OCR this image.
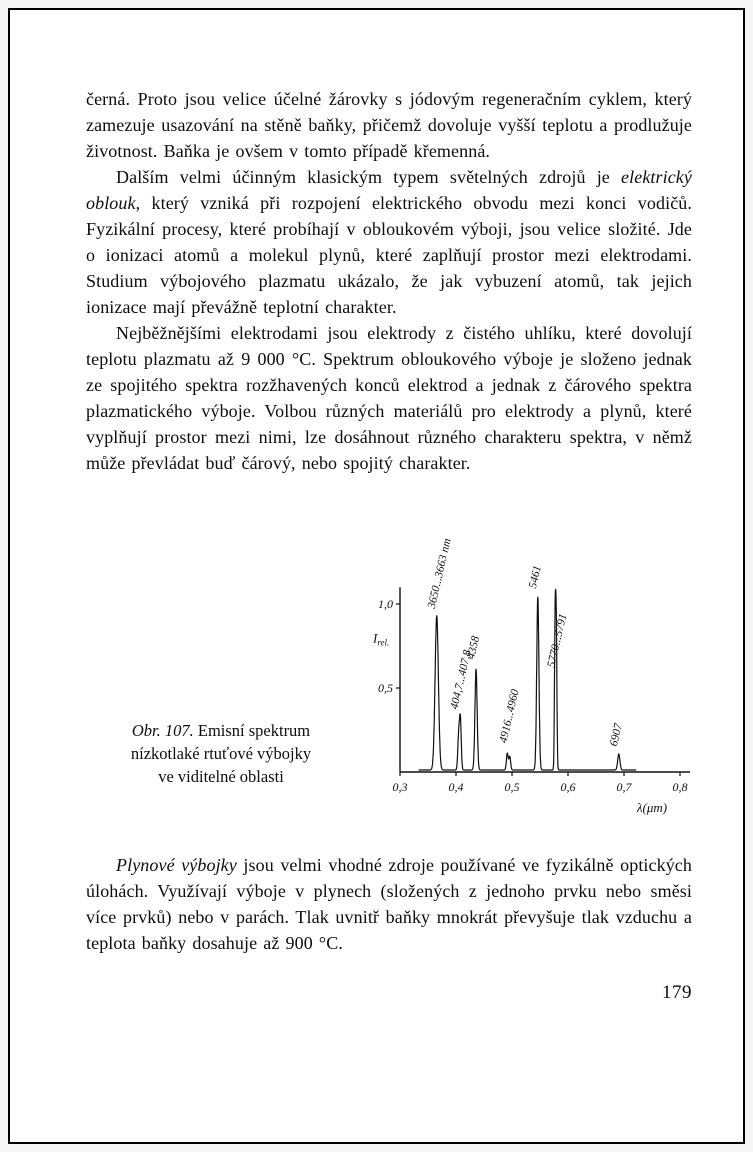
černá. Proto jsou velice účelné žárovky s jódovým regeneračním cyklem, který zamezuje usazování na stěně baňky, přičemž dovoluje vyšší teplotu a prodlužuje životnost. Baňka je ovšem v tomto případě křemenná.

Dalším velmi účinným klasickým typem světelných zdrojů je elektrický oblouk, který vzniká při rozpojení elektrického obvodu mezi konci vodičů. Fyzikální procesy, které probíhají v obloukovém výboji, jsou velice složité. Jde o ionizaci atomů a molekul plynů, které zaplňují prostor mezi elektrodami. Studium výbojového plazmatu ukázalo, že jak vybuzení atomů, tak jejich ionizace mají převážně teplotní charakter.

Nejběžnějšími elektrodami jsou elektrody z čistého uhlíku, které dovolují teplotu plazmatu až 9 000 °C. Spektrum obloukového výboje je složeno jednak ze spojitého spektra rozžhavených konců elektrod a jednak z čárového spektra plazmatického výboje. Volbou různých materiálů pro elektrody a plynů, které vyplňují prostor mezi nimi, lze dosáhnout různého charakteru spektra, v němž může převládat buď čárový, nebo spojitý charakter.

Obr. 107. Emisní spektrum
nízkotlaké rtuťové výbojky
ve viditelné oblasti
0,3	0,4	0,5	0,6	0,7	0,8
1,0
0,5
$I_{rel.}$
λ(μm)
3650...3663 nm
404,7...407,8
4358
4916...4960
5461
5770...5791
6907

Plynové výbojky jsou velmi vhodné zdroje používané ve fyzikálně optických úlohách. Využívají výboje v plynech (složených z jednoho prvku nebo směsi více prvků) nebo v parách. Tlak uvnitř baňky mnokrát převyšuje tlak vzduchu a teplota baňky dosahuje až 900 °C.

179
